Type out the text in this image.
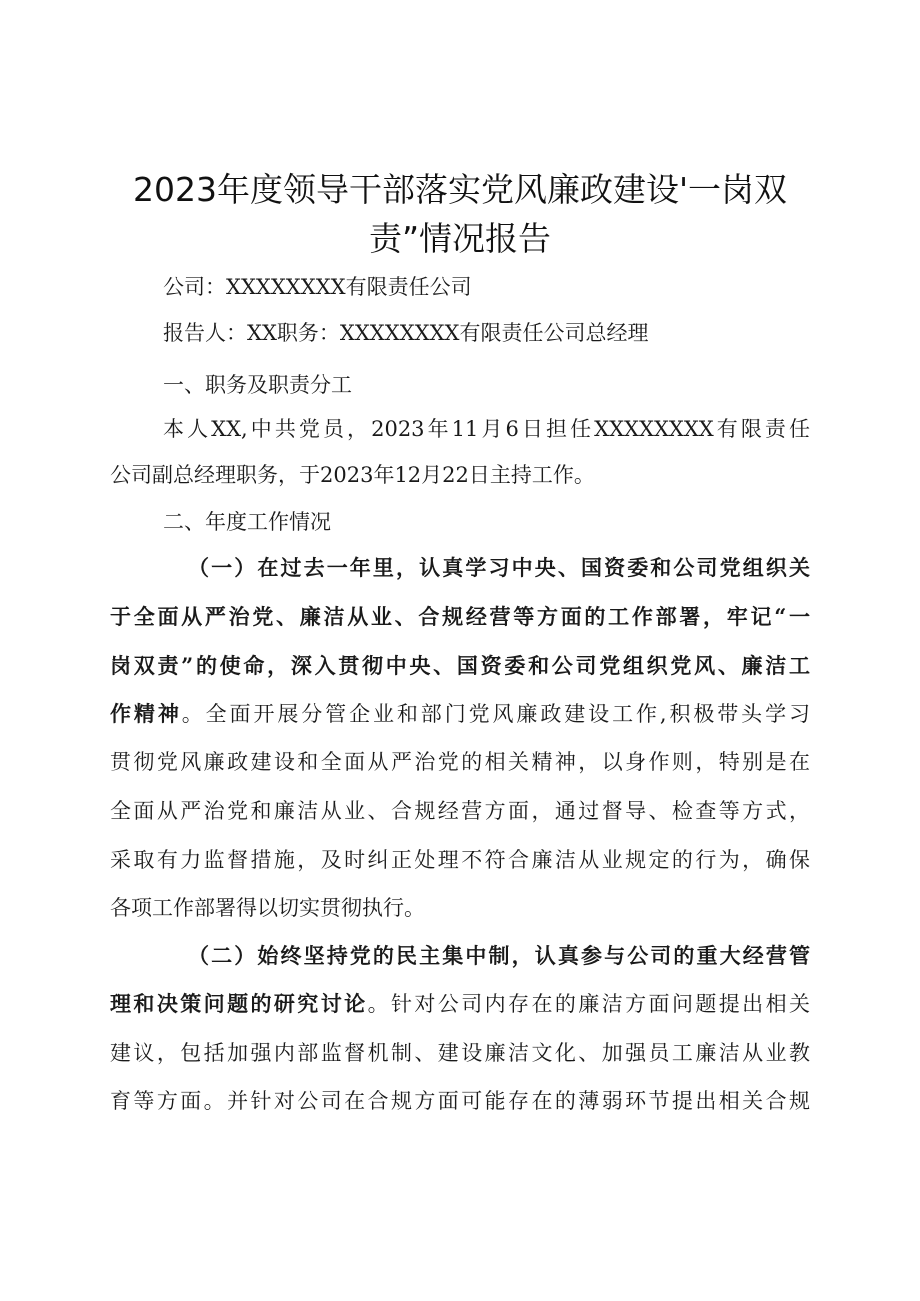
2023年度领导干部落实党风廉政建设'一岗双
责”情况报告

公司：XXXXXXXX有限责任公司

报告人：XX职务：XXXXXXXX有限责任公司总经理

一、职务及职责分工

本人XX,中共党员，2023年11月6日担任XXXXXXXX有限责任

公司副总经理职务，于2023年12月22日主持工作。

二、年度工作情况

（一）在过去一年里，认真学习中央、国资委和公司党组织关

于全面从严治党、廉洁从业、合规经营等方面的工作部署，牢记“一

岗双责”的使命，深入贯彻中央、国资委和公司党组织党风、廉洁工

作精神。全面开展分管企业和部门党风廉政建设工作,积极带头学习

贯彻党风廉政建设和全面从严治党的相关精神，以身作则，特别是在

全面从严治党和廉洁从业、合规经营方面，通过督导、检查等方式，

采取有力监督措施，及时纠正处理不符合廉洁从业规定的行为，确保

各项工作部署得以切实贯彻执行。

（二）始终坚持党的民主集中制，认真参与公司的重大经营管

理和决策问题的研究讨论。针对公司内存在的廉洁方面问题提出相关

建议，包括加强内部监督机制、建设廉洁文化、加强员工廉洁从业教

育等方面。并针对公司在合规方面可能存在的薄弱环节提出相关合规
